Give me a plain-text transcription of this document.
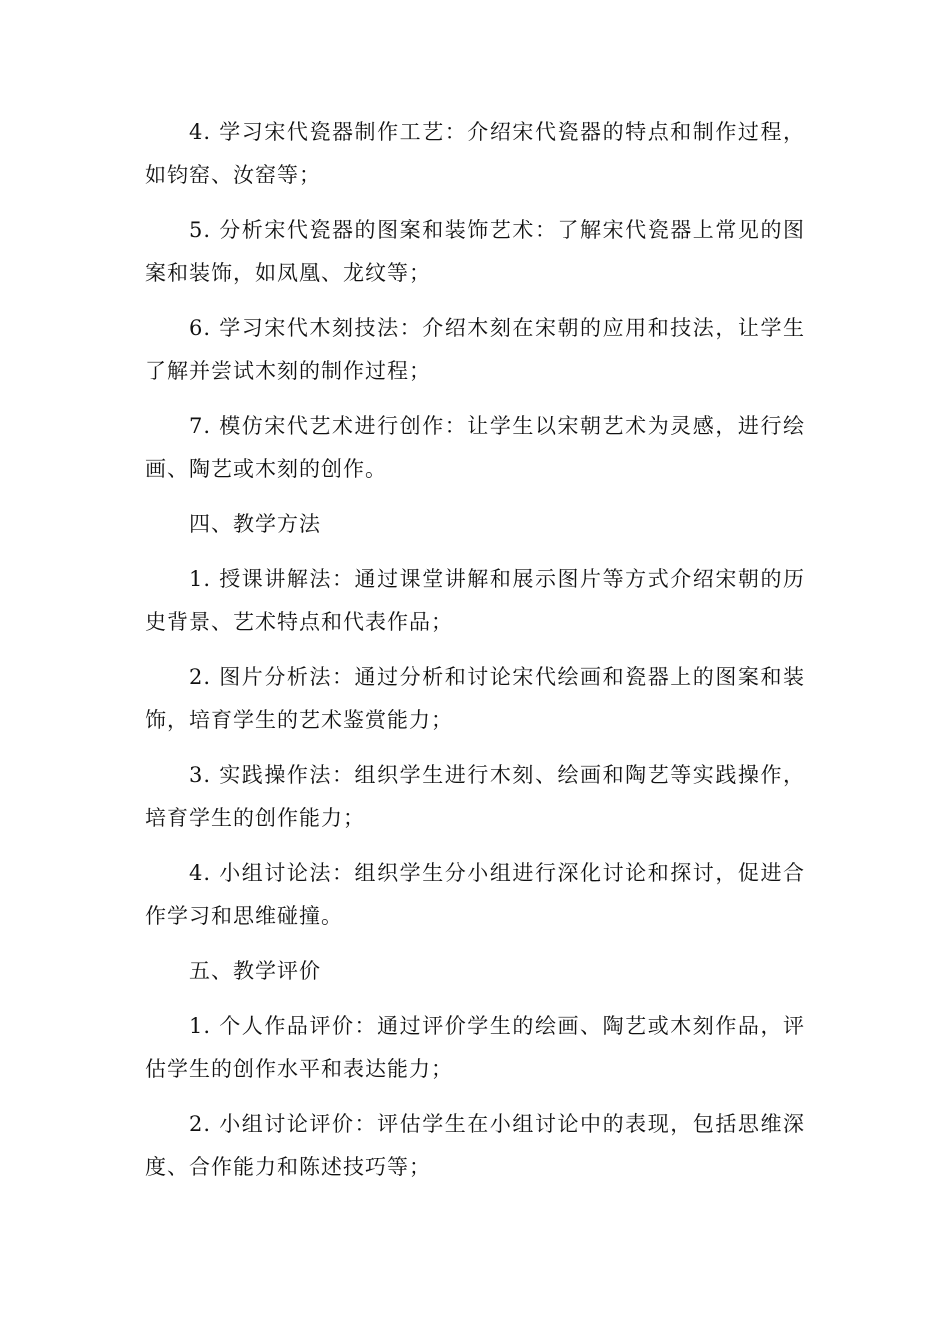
4. 学习宋代瓷器制作工艺：介绍宋代瓷器的特点和制作过程，如钧窑、汝窑等；

5. 分析宋代瓷器的图案和装饰艺术：了解宋代瓷器上常见的图案和装饰，如凤凰、龙纹等；

6. 学习宋代木刻技法：介绍木刻在宋朝的应用和技法，让学生了解并尝试木刻的制作过程；

7. 模仿宋代艺术进行创作：让学生以宋朝艺术为灵感，进行绘画、陶艺或木刻的创作。

四、教学方法

1. 授课讲解法：通过课堂讲解和展示图片等方式介绍宋朝的历史背景、艺术特点和代表作品；

2. 图片分析法：通过分析和讨论宋代绘画和瓷器上的图案和装饰，培育学生的艺术鉴赏能力；

3. 实践操作法：组织学生进行木刻、绘画和陶艺等实践操作，培育学生的创作能力；

4. 小组讨论法：组织学生分小组进行深化讨论和探讨，促进合作学习和思维碰撞。

五、教学评价

1. 个人作品评价：通过评价学生的绘画、陶艺或木刻作品，评估学生的创作水平和表达能力；

2. 小组讨论评价：评估学生在小组讨论中的表现，包括思维深度、合作能力和陈述技巧等；
